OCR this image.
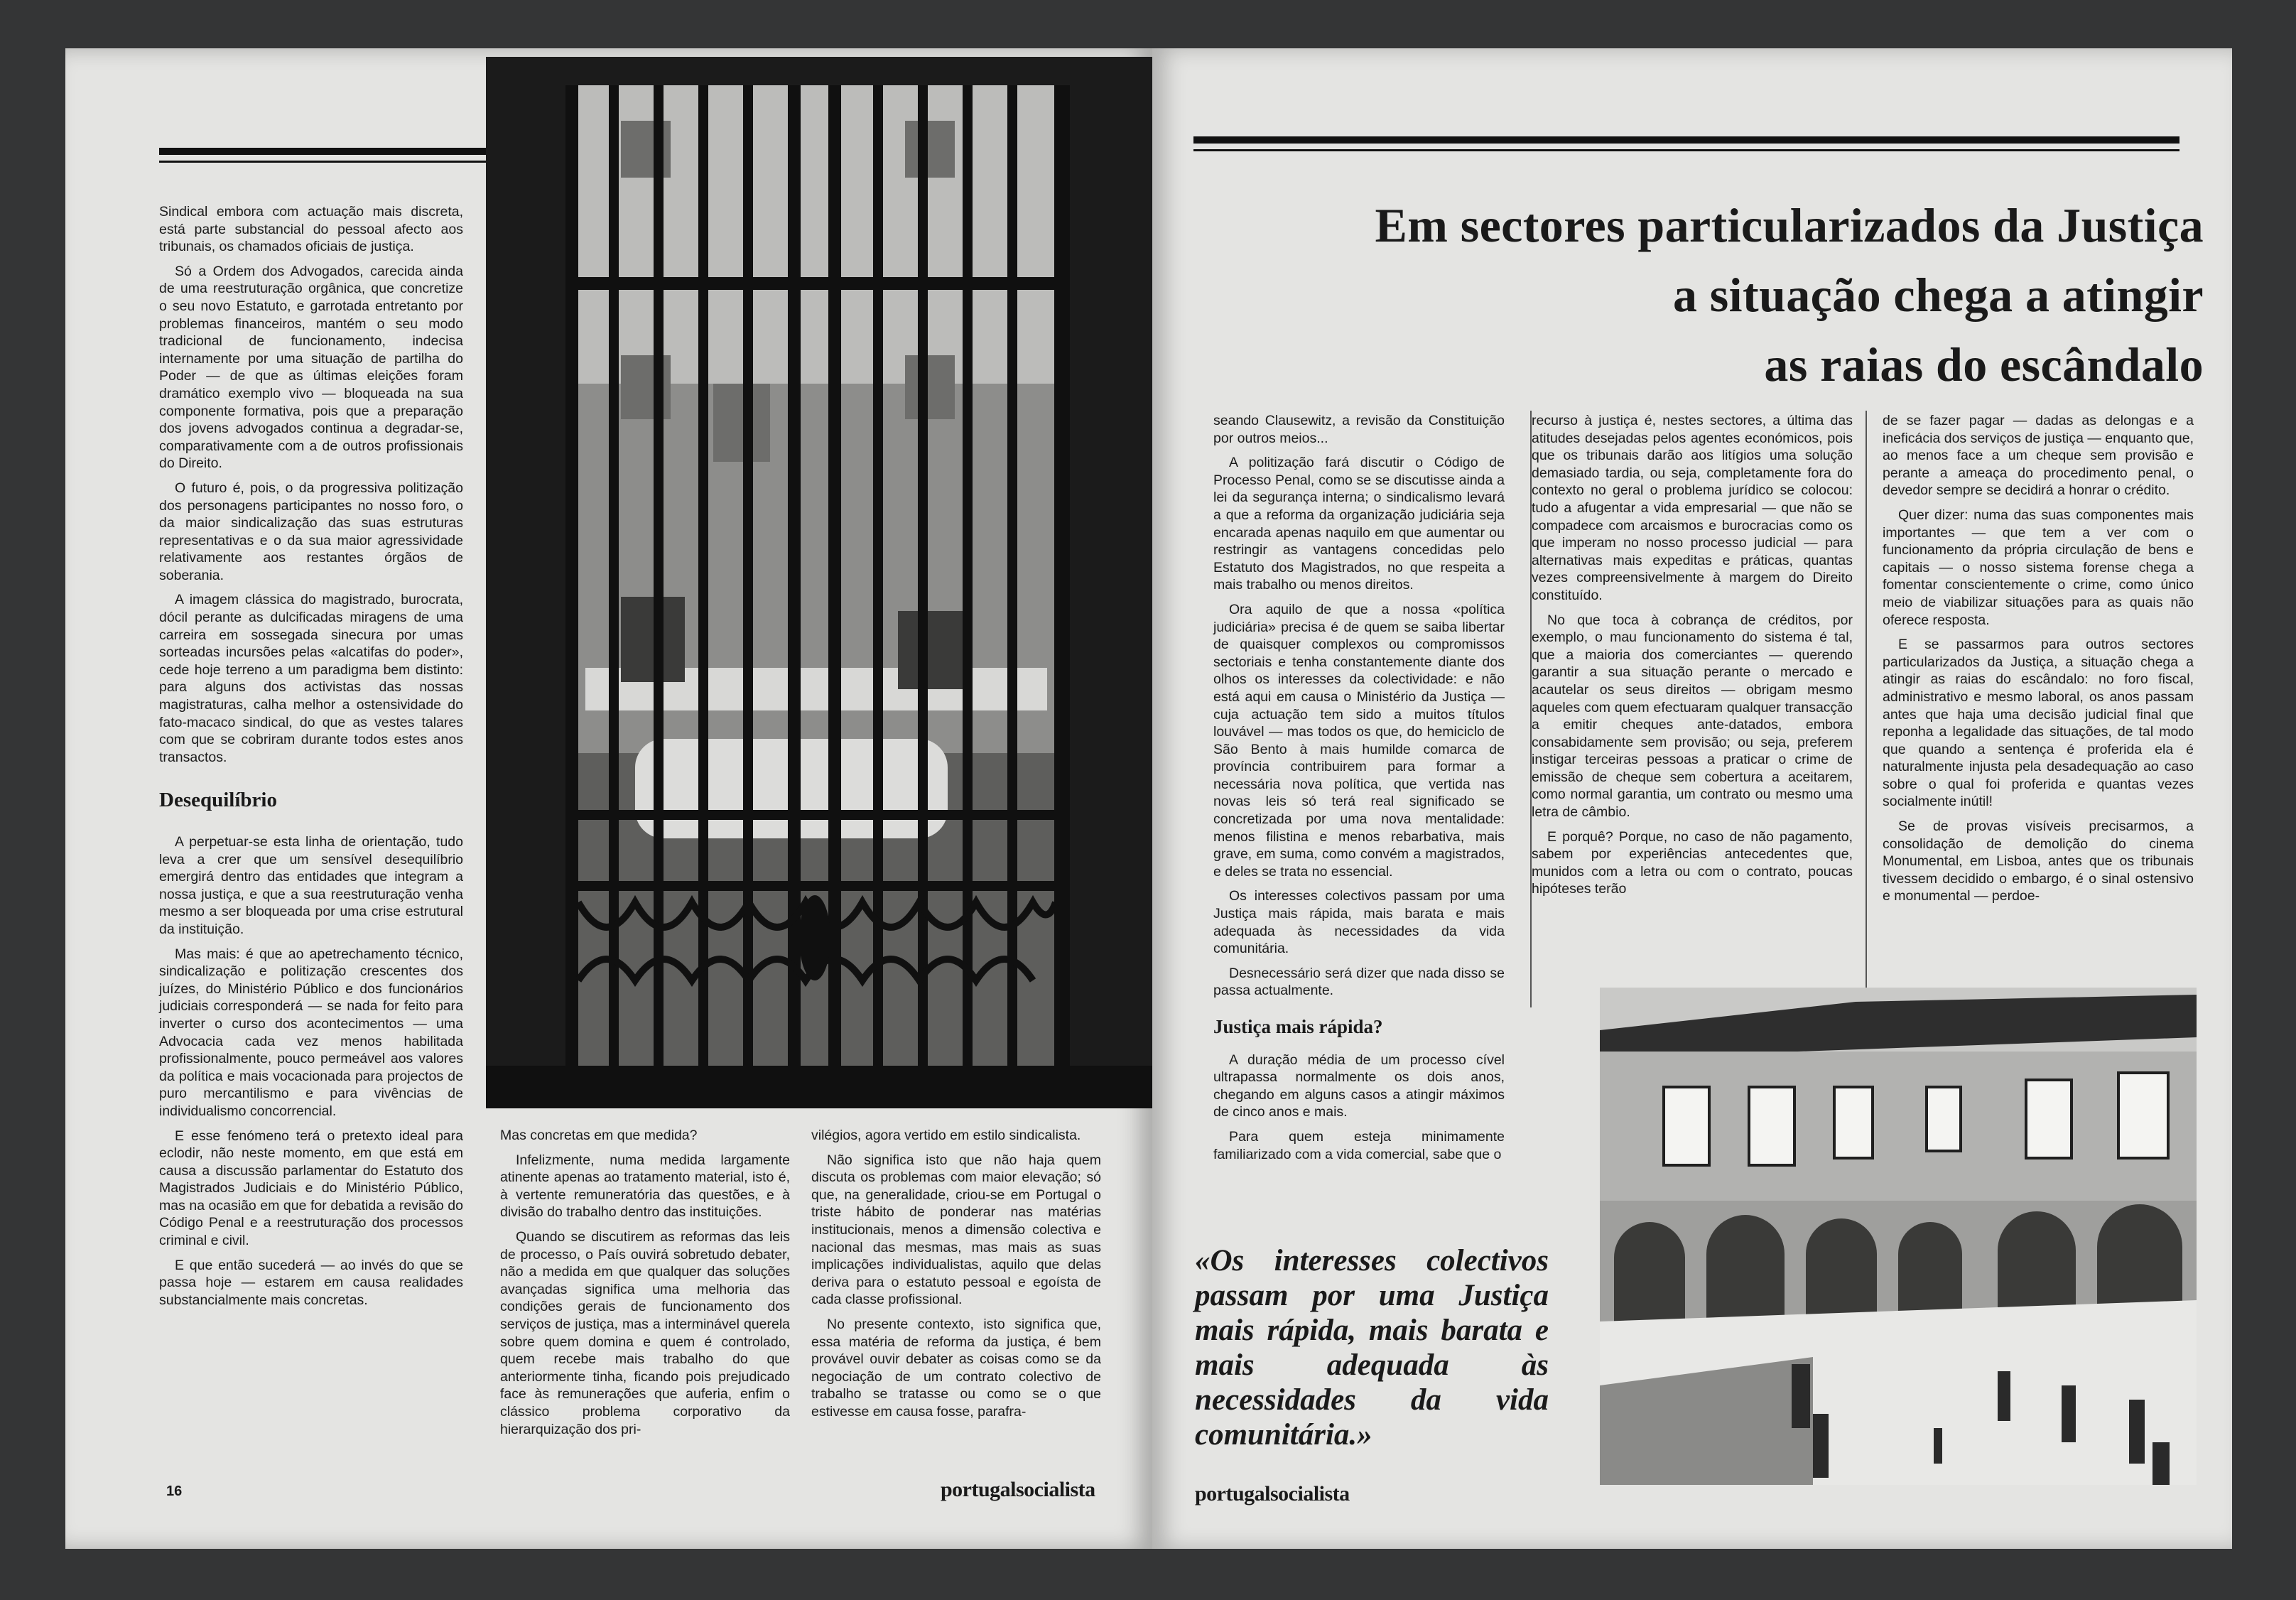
Sindical embora com actuação mais discreta, está parte substancial do pessoal afecto aos tribunais, os chamados oficiais de justiça.

Só a Ordem dos Advogados, carecida ainda de uma reestruturação orgânica, que concretize o seu novo Estatuto, e garrotada entretanto por problemas financeiros, mantém o seu modo tradicional de funcionamento, indecisa internamente por uma situação de partilha do Poder — de que as últimas eleições foram dramático exemplo vivo — bloqueada na sua componente formativa, pois que a preparação dos jovens advogados continua a degradar-se, comparativamente com a de outros profissionais do Direito.

O futuro é, pois, o da progressiva politização dos personagens participantes no nosso foro, o da maior sindicalização das suas estruturas representativas e o da sua maior agressividade relativamente aos restantes órgãos de soberania.

A imagem clássica do magistrado, burocrata, dócil perante as dulcificadas miragens de uma carreira em sossegada sinecura por umas sorteadas incursões pelas «alcatifas do poder», cede hoje terreno a um paradigma bem distinto: para alguns dos activistas das nossas magistraturas, calha melhor a ostensividade do fato-macaco sindical, do que as vestes talares com que se cobriram durante todos estes anos transactos.

Desequilíbrio

A perpetuar-se esta linha de orientação, tudo leva a crer que um sensível desequilíbrio emergirá dentro das entidades que integram a nossa justiça, e que a sua reestruturação venha mesmo a ser bloqueada por uma crise estrutural da instituição.

Mas mais: é que ao apetrechamento técnico, sindicalização e politização crescentes dos juízes, do Ministério Público e dos funcionários judiciais corresponderá — se nada for feito para inverter o curso dos acontecimentos — uma Advocacia cada vez menos habilitada profissionalmente, pouco permeável aos valores da política e mais vocacionada para projectos de puro mercantilismo e para vivências de individualismo concorrencial.

E esse fenómeno terá o pretexto ideal para eclodir, não neste momento, em que está em causa a discussão parlamentar do Estatuto dos Magistrados Judiciais e do Ministério Público, mas na ocasião em que for debatida a revisão do Código Penal e a reestruturação dos processos criminal e civil.

E que então sucederá — ao invés do que se passa hoje — estarem em causa realidades substancialmente mais concretas.

Mas concretas em que medida?

Infelizmente, numa medida largamente atinente apenas ao tratamento material, isto é, à vertente remuneratória das questões, e à divisão do trabalho dentro das instituições.

Quando se discutirem as reformas das leis de processo, o País ouvirá sobretudo debater, não a medida em que qualquer das soluções avançadas significa uma melhoria das condições gerais de funcionamento dos serviços de justiça, mas a interminável querela sobre quem domina e quem é controlado, quem recebe mais trabalho do que anteriormente tinha, ficando pois prejudicado face às remunerações que auferia, enfim o clássico problema corporativo da hierarquização dos pri-

vilégios, agora vertido em estilo sindicalista.

Não significa isto que não haja quem discuta os problemas com maior elevação; só que, na generalidade, criou-se em Portugal o triste hábito de ponderar nas matérias institucionais, menos a dimensão colectiva e nacional das mesmas, mas mais as suas implicações individualistas, aquilo que delas deriva para o estatuto pessoal e egoísta de cada classe profissional.

No presente contexto, isto significa que, essa matéria de reforma da justiça, é bem provável ouvir debater as coisas como se da negociação de um contrato colectivo de trabalho se tratasse ou como se o que estivesse em causa fosse, parafra-

16	portugalsocialista
Em sectores particularizados da Justiça
a situação chega a atingir
as raias do escândalo

seando Clausewitz, a revisão da Constituição por outros meios...

A politização fará discutir o Código de Processo Penal, como se se discutisse ainda a lei da segurança interna; o sindicalismo levará a que a reforma da organização judiciária seja encarada apenas naquilo em que aumentar ou restringir as vantagens concedidas pelo Estatuto dos Magistrados, no que respeita a mais trabalho ou menos direitos.

Ora aquilo de que a nossa «política judiciária» precisa é de quem se saiba libertar de quaisquer complexos ou compromissos sectoriais e tenha constantemente diante dos olhos os interesses da colectividade: e não está aqui em causa o Ministério da Justiça — cuja actuação tem sido a muitos títulos louvável — mas todos os que, do hemiciclo de São Bento à mais humilde comarca de província contribuirem para formar a necessária nova política, que vertida nas novas leis só terá real significado se concretizada por uma nova mentalidade: menos filistina e menos rebarbativa, mais grave, em suma, como convém a magistrados, e deles se trata no essencial.

Os interesses colectivos passam por uma Justiça mais rápida, mais barata e mais adequada às necessidades da vida comunitária.

Desnecessário será dizer que nada disso se passa actualmente.

Justiça mais rápida?

A duração média de um processo cível ultrapassa normalmente os dois anos, chegando em alguns casos a atingir máximos de cinco anos e mais.

Para quem esteja minimamente familiarizado com a vida comercial, sabe que o

«Os interesses colectivos passam por uma Justiça mais rápida, mais barata e mais adequada às necessidades da vida comunitária.»
portugalsocialista

recurso à justiça é, nestes sectores, a última das atitudes desejadas pelos agentes económicos, pois que os tribunais darão aos litígios uma solução demasiado tardia, ou seja, completamente fora do contexto no geral o problema jurídico se colocou: tudo a afugentar a vida empresarial — que não se compadece com arcaismos e burocracias como os que imperam no nosso processo judicial — para alternativas mais expeditas e práticas, quantas vezes compreensivelmente à margem do Direito constituído.

No que toca à cobrança de créditos, por exemplo, o mau funcionamento do sistema é tal, que a maioria dos comerciantes — querendo garantir a sua situação perante o mercado e acautelar os seus direitos — obrigam mesmo aqueles com quem efectuaram qualquer transacção a emitir cheques ante-datados, embora consabidamente sem provisão; ou seja, preferem instigar terceiras pessoas a praticar o crime de emissão de cheque sem cobertura a aceitarem, como normal garantia, um contrato ou mesmo uma letra de câmbio.

E porquê? Porque, no caso de não pagamento, sabem por experiências antecedentes que, munidos com a letra ou com o contrato, poucas hipóteses terão

de se fazer pagar — dadas as delongas e a ineficácia dos serviços de justiça — enquanto que, ao menos face a um cheque sem provisão e perante a ameaça do procedimento penal, o devedor sempre se decidirá a honrar o crédito.

Quer dizer: numa das suas componentes mais importantes — que tem a ver com o funcionamento da própria circulação de bens e capitais — o nosso sistema forense chega a fomentar conscientemente o crime, como único meio de viabilizar situações para as quais não oferece resposta.

E se passarmos para outros sectores particularizados da Justiça, a situação chega a atingir as raias do escândalo: no foro fiscal, administrativo e mesmo laboral, os anos passam antes que haja uma decisão judicial final que reponha a legalidade das situações, de tal modo que quando a sentença é proferida ela é naturalmente injusta pela desadequação ao caso sobre o qual foi proferida e quantas vezes socialmente inútil!

Se de provas visíveis precisarmos, a consolidação de demolição do cinema Monumental, em Lisboa, antes que os tribunais tivessem decidido o embargo, é o sinal ostensivo e monumental — perdoe-
